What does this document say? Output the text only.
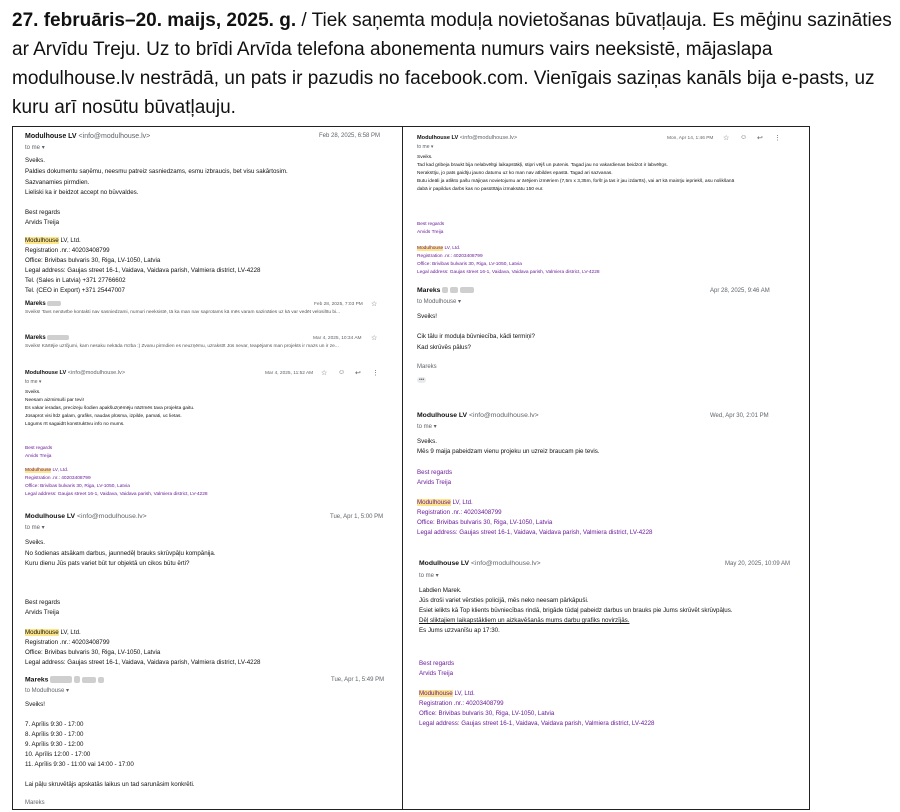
27. februāris–20. maijs, 2025. g. / Tiek saņemta moduļa novietošanas būvatļauja. Es mēģinu sazināties ar Arvīdu Treju. Uz to brīdi Arvīda telefona abonementa numurs vairs neeksistē, mājaslapa modulhouse.lv nestrādā, un pats ir pazudis no facebook.com. Vienīgais saziņas kanāls bija e-pasts, uz kuru arī nosūtu būvatļauju.
Modulhouse LV <info@modulhouse.lv>	Feb 28, 2025, 6:58 PM
to me ▾
Sveiks.
Paldies dokumentu saņēmu, neesmu patreiz sasniedzams, esmu izbraucis, bet visu sakārtosim.
Sazvanamies pirmdien.
Lieliski ka ir beidzot accept no būvvaldes.
Best regards
Arvids Treija
Modulhouse LV, Ltd.
Registration .nr.: 40203408799
Office: Brivibas bulvaris 30, Riga, LV-1050, Latvia
Legal address: Gaujas street 16-1, Vaidava, Vaidava parish, Valmiera district, LV-4228
Tel. (Sales in Latvia) +371 27766602
Tel. (CEO in Export) +371 25447007
Mareks	Feb 28, 2025, 7:03 PM ☆
Sveiks! Tavs nenāvībe kontakti nav sasniedzami, numuri neeksistē, tā ka man nav saprotams kā mēs varam sazināties uz kā var vedēt velosilītu bi...
Mareks	Mar 4, 2025, 10:34 AM ☆
Sveiks! Kārtējie uzīčjumi, kam nesaku nekāda rīcība :) Zvanu pirmdien es neuzņēmu, uzrakstīt Jūs nevar, teapējams man projekts ir mazs un ir ze...
Modulhouse LV <info@modulhouse.lv>	Mar 4, 2025, 11:52 AM ☆ ☺ ↩ ⋮
to me ▾
Sveiks.
Neesam aizmirsuši par tevi!
Es vakar ieradas, precizeju šodien apakšuzņēmēju nāzīmēs tava projekta gaitu.
Jūsaprot visi līdz galam, grafiks, naudas plūsma, izpilde, pamati, uc lietas.
Lūgums rīt sagaidīt konstruktīvu info no mums.
Best regards
Arvids Treija
Modulhouse LV, Ltd.
Registration .nr.: 40203408799
Office: Brivibas bulvaris 30, Riga, LV-1050, Latvia
Legal address: Gaujas street 16-1, Vaidava, Vaidava parish, Valmiera district, LV-4228
Modulhouse LV <info@modulhouse.lv>	Tue, Apr 1, 5:00 PM
to me ▾
Sveiks.
No šodienas atsākam darbus, jaunnedēļ brauks skrūvpāļu kompānija.
Kuru dienu Jūs pats variet būt tur objektā un cikos būtu ērti?
Best regards
Arvids Treija
Modulhouse LV, Ltd.
Registration .nr.: 40203408799
Office: Brivibas bulvaris 30, Riga, LV-1050, Latvia
Legal address: Gaujas street 16-1, Vaidava, Vaidava parish, Valmiera district, LV-4228
Mareks	Tue, Apr 1, 5:49 PM
to Modulhouse ▾
Sveiks!
7. Aprīlis 9:30 - 17:00
8. Aprīlis 9:30 - 17:00
9. Aprīlis 9:30 - 12:00
10. Aprīlis 12:00 - 17:00
11. Aprīlis 9:30 - 11:00 vai 14:00 - 17:00
Lai pāļu skruvētājs apskatās laikus un tad sarunāsim konkrēti.
Mareks
Modulhouse LV <info@modulhouse.lv>	Mon, Apr 14, 1:46 PM ☆ ☺ ↩ ⋮
to me ▾
Sveiks.
Tad kad gribeja braukt bija nelabvēlīgi laikapstākļi, stipri vējš un putenis. Tagad jau no vakardienas beidzot ir labvēlīgs.
Nerakstīju, jo pats gaidīju jauno datumu uz ko man nav atbildes epastā. Tagad ari sazvanas.
Butu ideāli ja atlikto pašu mājiņas novietojumu ar ārējiem izmēriem (7,5m x 3,35m, foršī ja tas ir jau izdarīts), vai arī kā mainīju iepriekš, asu nolikšanā
dabā ir papildus darbs kas no pasūtītāja izmaksātu 150 eur.
Best regards
Arvids Treija
Modulhouse LV, Ltd.
Registration .nr.: 40203408799
Office: Brivibas bulvaris 30, Riga, LV-1050, Latvia
Legal address: Gaujas street 16-1, Vaidava, Vaidava parish, Valmiera district, LV-4228
Mareks	Apr 28, 2025, 9:46 AM
to Modulhouse ▾
Sveiks!
Cik tālu ir moduļa būvniecība, kādi termiņi?
Kad skrūvēs pālus?
Mareks
•••
Modulhouse LV <info@modulhouse.lv>	Wed, Apr 30, 2:01 PM
to me ▾
Sveiks.
Mēs 9 maija pabeidzam vienu projeku un uzreiz braucam pie tevis.
Best regards
Arvids Treija
Modulhouse LV, Ltd.
Registration .nr.: 40203408799
Office: Brivibas bulvaris 30, Riga, LV-1050, Latvia
Legal address: Gaujas street 16-1, Vaidava, Vaidava parish, Valmiera district, LV-4228
Modulhouse LV <info@modulhouse.lv>	May 20, 2025, 10:09 AM
to me ▾
Labdien Marek.
Jūs droši variet vērsties policijā, mēs neko neesam pārkāpuši.
Esiet ielikts kā Top klients būvniecības rindā, brigāde tūdaļ pabeidz darbus un brauks pie Jums skrūvēt skrūvpāļus.
Dēļ sliktajiem laikapstākliem un aizkavēšanās mums darbu grafiks novirzījās.
Es Jums uzzvanīšu ap 17:30.
Best regards
Arvids Treija
Modulhouse LV, Ltd.
Registration .nr.: 40203408799
Office: Brivibas bulvaris 30, Riga, LV-1050, Latvia
Legal address: Gaujas street 16-1, Vaidava, Vaidava parish, Valmiera district, LV-4228
